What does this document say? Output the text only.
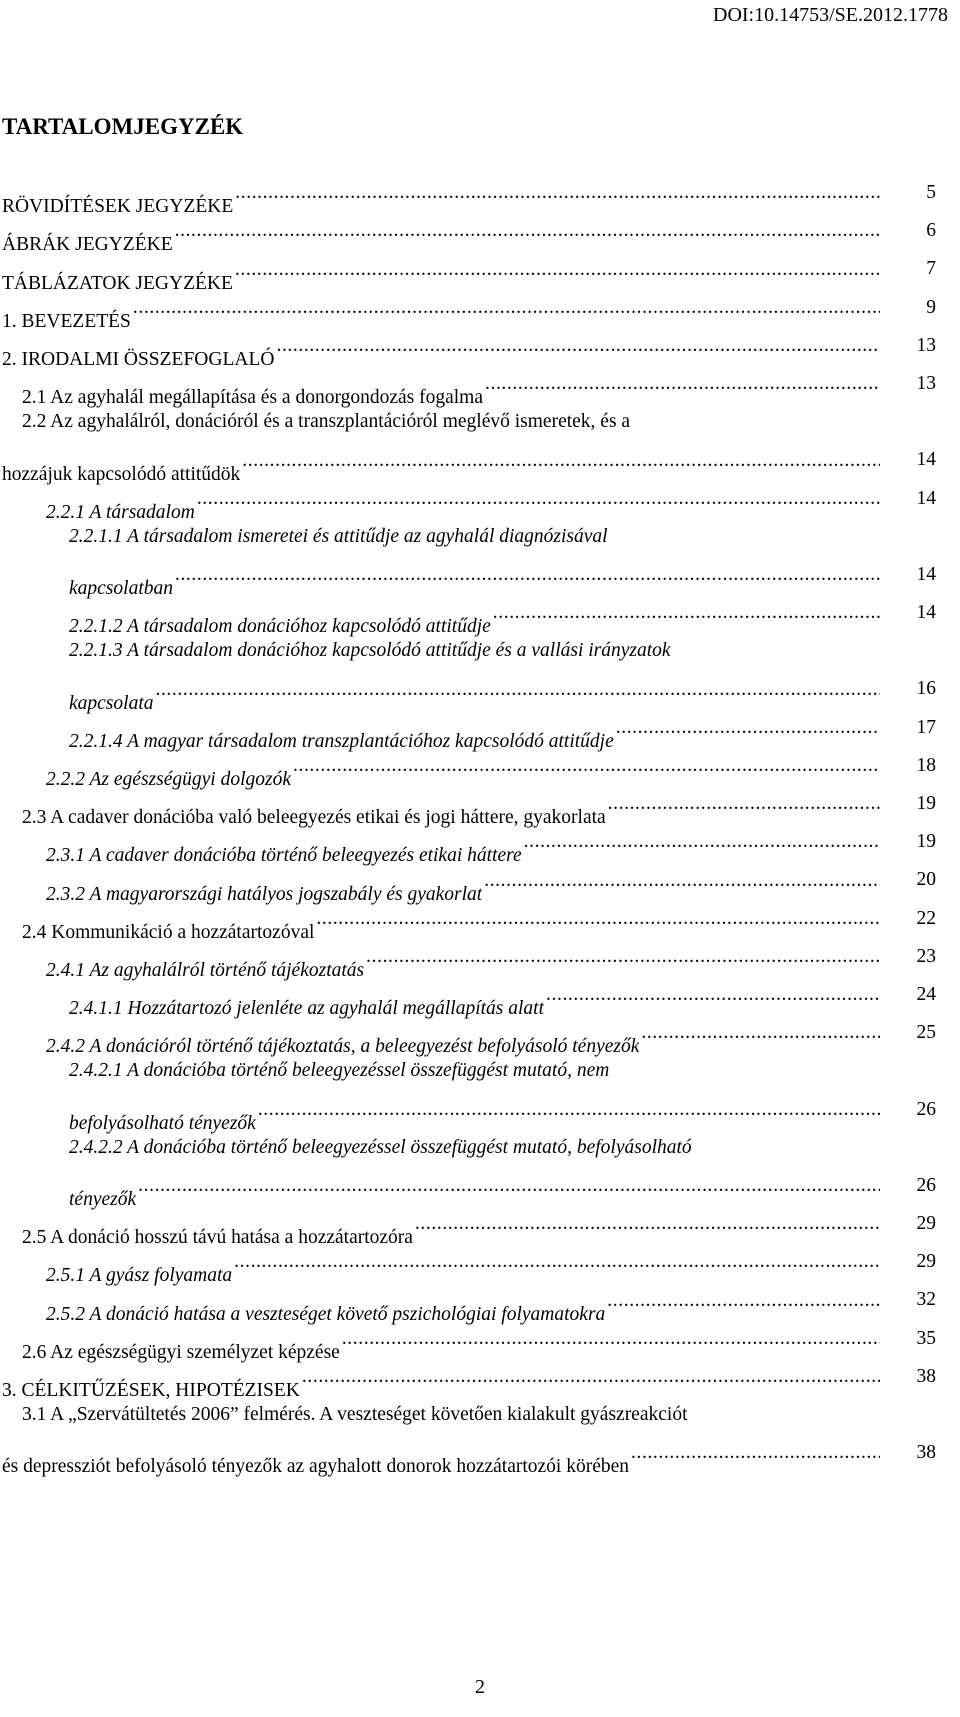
DOI:10.14753/SE.2012.1778
TARTALOMJEGYZÉK
RÖVIDÍTÉSEK JEGYZÉKE
.....
5
ÁBRÁK JEGYZÉKE
.....
6
TÁBLÁZATOK JEGYZÉKE
.....
7
1. BEVEZETÉS
.....
9
2. IRODALMI ÖSSZEFOGLALÓ
.....
13
2.1 Az agyhalál megállapítása és a donorgondozás fogalma
.....
13
2.2 Az agyhalálról, donációról és a transzplantációról meglévő ismeretek, és a
hozzájuk kapcsolódó attitűdök
.....
14
2.2.1 A társadalom
.....
14
2.2.1.1 A társadalom ismeretei és attitűdje az agyhalál diagnózisával
kapcsolatban
.....
14
2.2.1.2 A társadalom donációhoz kapcsolódó attitűdje
.....
14
2.2.1.3 A társadalom donációhoz kapcsolódó attitűdje és a vallási irányzatok
kapcsolata
.....
16
2.2.1.4 A magyar társadalom transzplantációhoz kapcsolódó attitűdje
.....
17
2.2.2 Az egészségügyi dolgozók
.....
18
2.3 A cadaver donációba való beleegyezés etikai és jogi háttere, gyakorlata
.....
19
2.3.1 A cadaver donációba történő beleegyezés etikai háttere
.....
19
2.3.2 A magyarországi hatályos jogszabály és gyakorlat
.....
20
2.4 Kommunikáció a hozzátartozóval
.....
22
2.4.1 Az agyhalálról történő tájékoztatás
.....
23
2.4.1.1 Hozzátartozó jelenléte az agyhalál megállapítás alatt
.....
24
2.4.2 A donációról történő tájékoztatás, a beleegyezést befolyásoló tényezők
.....
25
2.4.2.1 A donációba történő beleegyezéssel összefüggést mutató, nem
befolyásolható tényezők
.....
26
2.4.2.2 A donációba történő beleegyezéssel összefüggést mutató, befolyásolható
tényezők
.....
26
2.5 A donáció hosszú távú hatása a hozzátartozóra
.....
29
2.5.1 A gyász folyamata
.....
29
2.5.2 A donáció hatása a veszteséget követő pszichológiai folyamatokra
.....
32
2.6 Az egészségügyi személyzet képzése
.....
35
3. CÉLKITŰZÉSEK, HIPOTÉZISEK
.....
38
3.1 A „Szervátültetés 2006” felmérés. A veszteséget követően kialakult gyászreakciót
és depressziót befolyásoló tényezők az agyhalott donorok hozzátartozói körében
.....
38
2
